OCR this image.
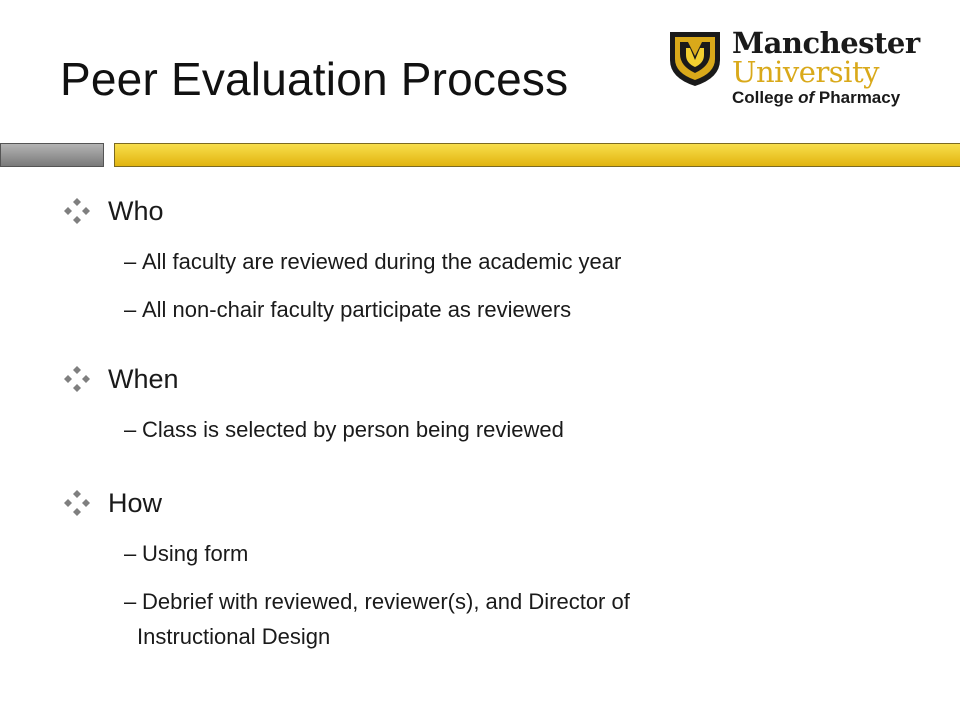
Peer Evaluation Process
Manchester
University
College of Pharmacy
Who
– All faculty are reviewed during the academic year
– All non-chair faculty participate as reviewers
When
– Class is selected by person being reviewed
How
– Using form
– Debrief with reviewed, reviewer(s), and Director of
Instructional Design
